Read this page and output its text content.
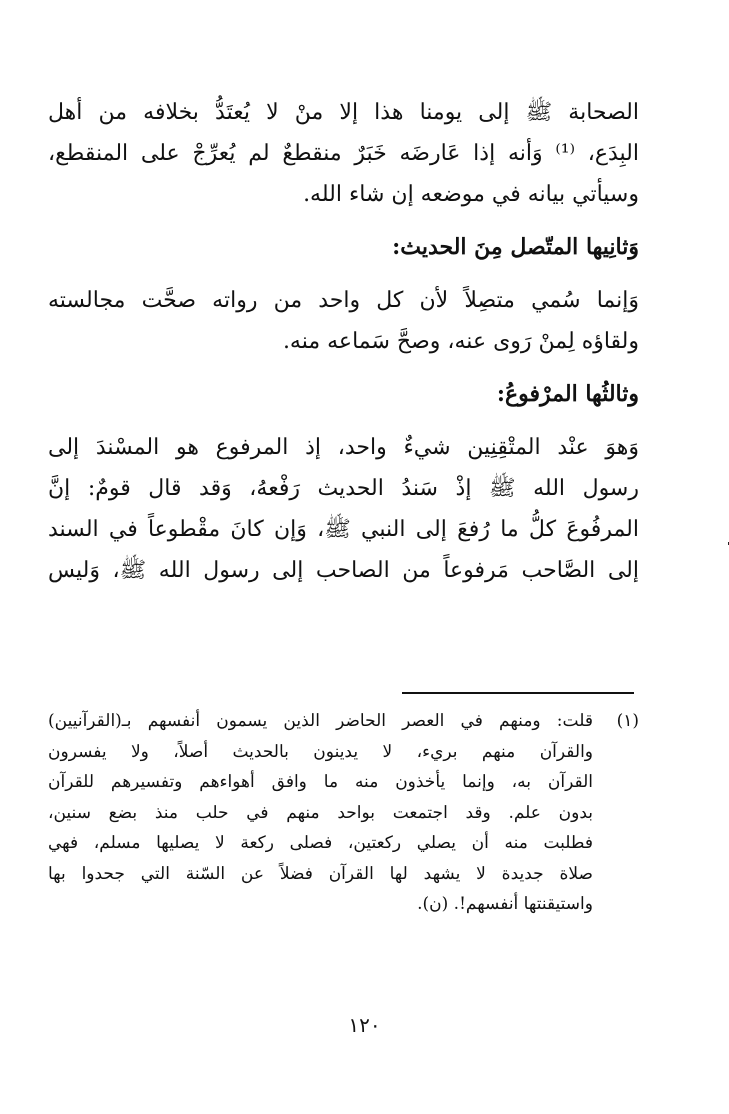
الصحابة ﷺ إلى يومنا هذا إلا منْ لا يُعتَدُّ بخلافه من أهل
البِدَع، ⁽¹⁾ وَأنه إذا عَارضَه خَبَرٌ منقطعٌ لم يُعرِّجْ على المنقطع،
وسيأتي بيانه في موضعه إن شاء الله.
وَثانِيها المتّصل مِنَ الحديث:
وَإنما سُمي متصِلاً لأن كل واحد من رواته صحَّت مجالسته
ولقاؤه لِمنْ رَوى عنه، وصحَّ سَماعه منه.
وثالثُها المرْفوعُ:
وَهوَ عنْد المتْقِنِين شيءٌ واحد، إذ المرفوع هو المسْندَ إلى
رسول الله ﷺ إذْ سَندُ الحديث رَفْعهُ، وَقد قال قومٌ: إنَّ
المرفُوعَ كلُّ ما رُفعَ إلى النبي ﷺ، وَإن كانَ مقْطوعاً في السند
إلى الصَّاحب مَرفوعاً من الصاحب إلى رسول الله ﷺ، وَليس
(١)
قلت: ومنهم في العصر الحاضر الذين يسمون أنفسهم بـ(القرآنيين)
والقرآن منهم بريء، لا يدينون بالحديث أصلاً، ولا يفسرون
القرآن به، وإنما يأخذون منه ما وافق أهواءهم وتفسيرهم للقرآن
بدون علم. وقد اجتمعت بواحد منهم في حلب منذ بضع سنين،
فطلبت منه أن يصلي ركعتين، فصلى ركعة لا يصليها مسلم، فهي
صلاة جديدة لا يشهد لها القرآن فضلاً عن السّنة التي جحدوا بها
واستيقنتها أنفسهم!. (ن).
١٢٠
